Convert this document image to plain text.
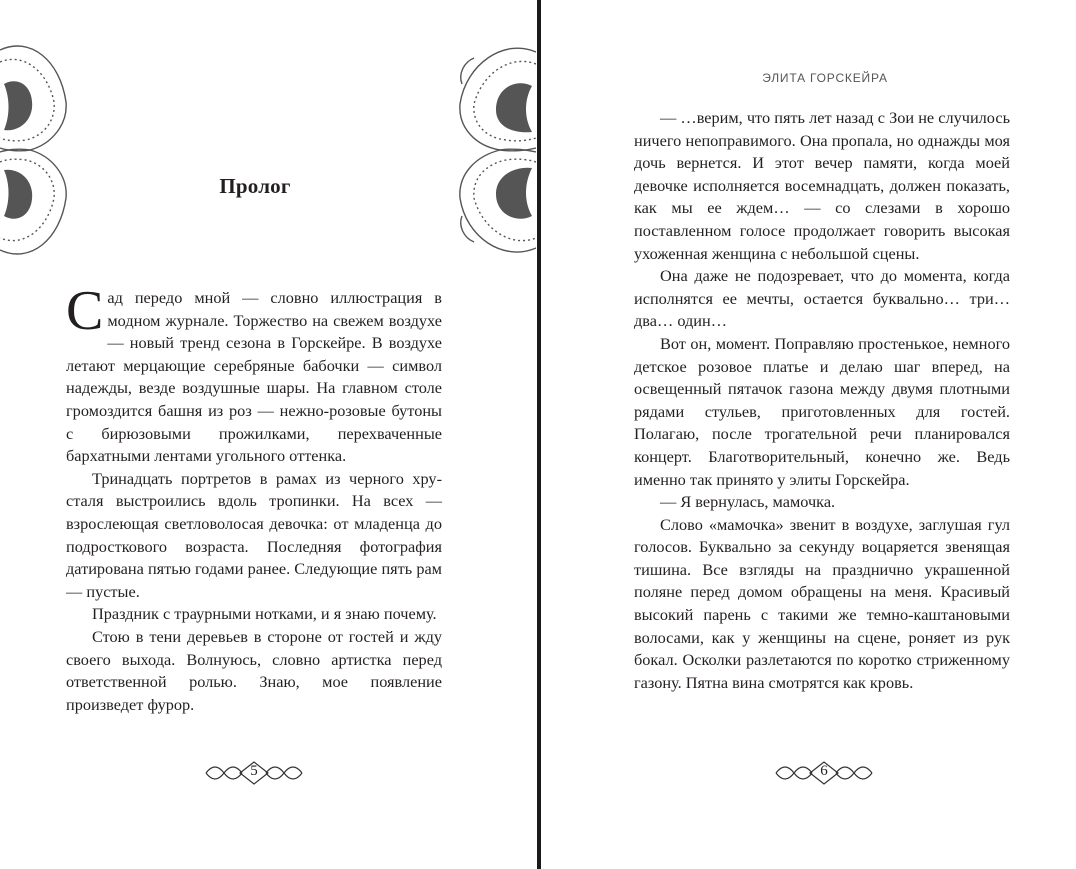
Пролог

Сад передо мной — словно иллюстрация в модном журнале. Торжество на свежем воздухе — новый тренд сезона в Горскейре. В воздухе летают мерцающие серебряные бабочки — символ надежды, везде воздушные шары. На главном столе громоздится башня из роз — нежно-розовые бутоны с бирюзовыми прожилками, перехваченные бархатными лентами угольного оттенка.

Тринадцать портретов в рамах из черного хрусталя выстроились вдоль тропинки. На всех — взрослеющая светловолосая девочка: от младенца до подросткового возраста. Последняя фотография датирована пятью годами ранее. Следующие пять рам — пустые.

Праздник с траурными нотками, и я знаю почему.

Стою в тени деревьев в стороне от гостей и жду своего выхода. Волнуюсь, словно артистка перед ответственной ролью. Знаю, мое появление произведет фурор.

5
ЭЛИТА ГОРСКЕЙРА

— …верим, что пять лет назад с Зои не случилось ничего непоправимого. Она пропала, но однажды моя дочь вернется. И этот вечер памяти, когда моей девочке исполняется восемнадцать, должен показать, как мы ее ждем… — со слезами в хорошо поставленном голосе продолжает говорить высокая ухоженная женщина с небольшой сцены.

Она даже не подозревает, что до момента, когда исполнятся ее мечты, остается буквально… три… два… один…

Вот он, момент. Поправляю простенькое, немного детское розовое платье и делаю шаг вперед, на освещенный пятачок газона между двумя плотными рядами стульев, приготовленных для гостей. Полагаю, после трогательной речи планировался концерт. Благотворительный, конечно же. Ведь именно так принято у элиты Горскейра.

— Я вернулась, мамочка.

Слово «мамочка» звенит в воздухе, заглушая гул голосов. Буквально за секунду воцаряется звенящая тишина. Все взгляды на празднично украшенной поляне перед домом обращены на меня. Красивый высокий парень с такими же темно-каштановыми волосами, как у женщины на сцене, роняет из рук бокал. Осколки разлетаются по коротко стриженному газону. Пятна вина смотрятся как кровь.

6
